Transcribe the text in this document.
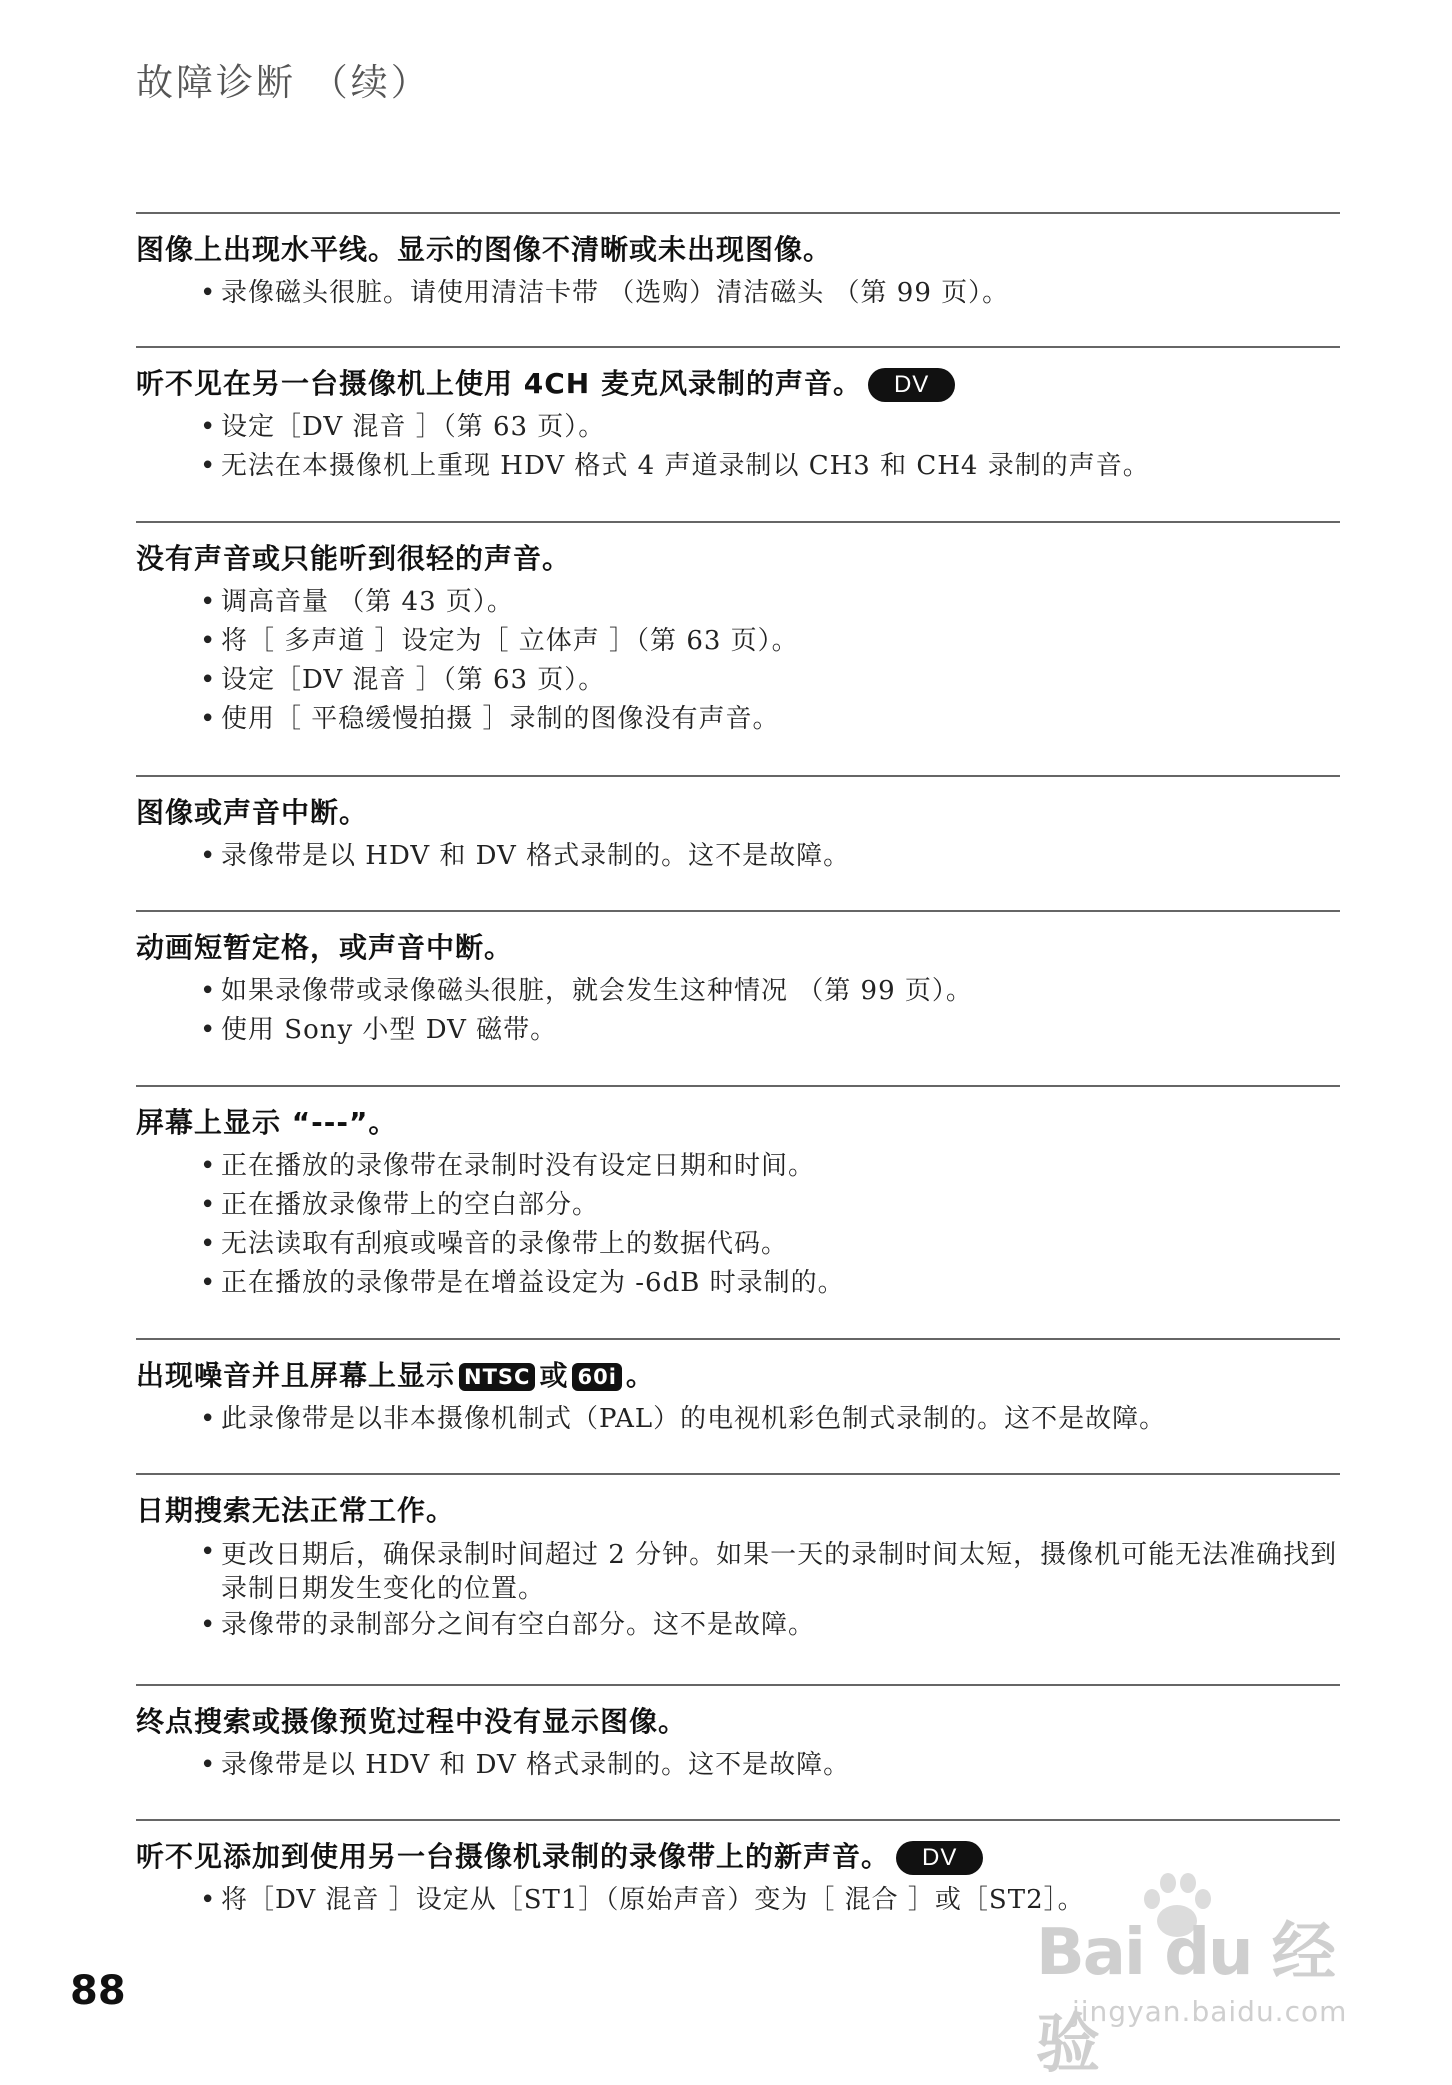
故障诊断 （续）
图像上出现水平线。显示的图像不清晰或未出现图像。
• 录像磁头很脏。请使用清洁卡带 （选购）清洁磁头 （第 99 页）。
听不见在另一台摄像机上使用 4CH 麦克风录制的声音。 DV
• 设定［DV 混音 ］（第 63 页）。
• 无法在本摄像机上重现 HDV 格式 4 声道录制以 CH3 和 CH4 录制的声音。
没有声音或只能听到很轻的声音。
• 调高音量 （第 43 页）。
• 将［ 多声道 ］设定为［ 立体声 ］（第 63 页）。
• 设定［DV 混音 ］（第 63 页）。
• 使用［ 平稳缓慢拍摄 ］录制的图像没有声音。
图像或声音中断。
• 录像带是以 HDV 和 DV 格式录制的。这不是故障。
动画短暂定格，或声音中断。
• 如果录像带或录像磁头很脏，就会发生这种情况 （第 99 页）。
• 使用 Sony 小型 DV 磁带。
屏幕上显示 “---”。
• 正在播放的录像带在录制时没有设定日期和时间。
• 正在播放录像带上的空白部分。
• 无法读取有刮痕或噪音的录像带上的数据代码。
• 正在播放的录像带是在增益设定为 -6dB 时录制的。
出现噪音并且屏幕上显示 NTSC 或 60i 。
• 此录像带是以非本摄像机制式（PAL）的电视机彩色制式录制的。这不是故障。
日期搜索无法正常工作。
• 更改日期后，确保录制时间超过 2 分钟。如果一天的录制时间太短，摄像机可能无法准确找到录制日期发生变化的位置。
• 录像带的录制部分之间有空白部分。这不是故障。
终点搜索或摄像预览过程中没有显示图像。
• 录像带是以 HDV 和 DV 格式录制的。这不是故障。
听不见添加到使用另一台摄像机录制的录像带上的新声音。 DV
• 将［DV 混音 ］设定从［ST1］（原始声音）变为［ 混合 ］或［ST2］。
88
Bai du 经验
jingyan.baidu.com
